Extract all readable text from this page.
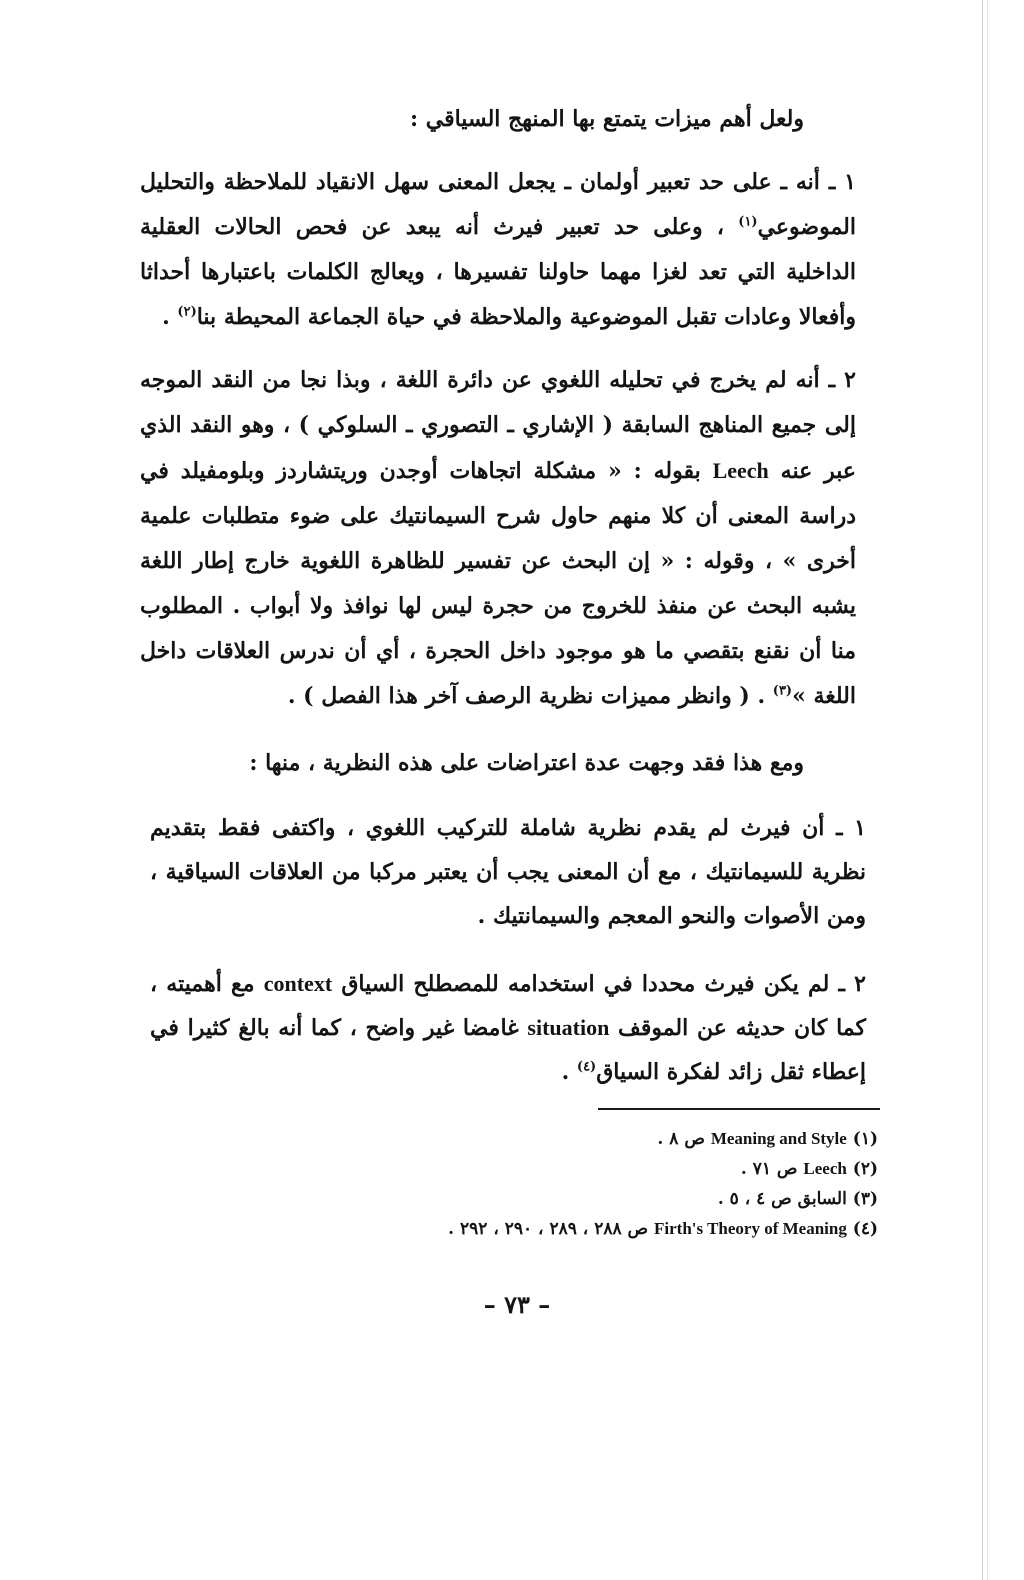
ولعل أهم ميزات يتمتع بها المنهج السياقي :
١ ـ أنه ـ على حد تعبير أولمان ـ يجعل المعنى سهل الانقياد للملاحظة والتحليل الموضوعي$^{(١)}$ ، وعلى حد تعبير فيرث أنه يبعد عن فحص الحالات العقلية الداخلية التي تعد لغزا مهما حاولنا تفسيرها ، ويعالج الكلمات باعتبارها أحداثا وأفعالا وعادات تقبل الموضوعية والملاحظة في حياة الجماعة المحيطة بنا$^{(٢)}$ .
٢ ـ أنه لم يخرج في تحليله اللغوي عن دائرة اللغة ، وبذا نجا من النقد الموجه إلى جميع المناهج السابقة ( الإشاري ـ التصوري ـ السلوكي ) ، وهو النقد الذي عبر عنه Leech بقوله : « مشكلة اتجاهات أوجدن وريتشاردز وبلومفيلد في دراسة المعنى أن كلا منهم حاول شرح السيمانتيك على ضوء متطلبات علمية أخرى » ، وقوله : « إن البحث عن تفسير للظاهرة اللغوية خارج إطار اللغة يشبه البحث عن منفذ للخروج من حجرة ليس لها نوافذ ولا أبواب . المطلوب منا أن نقنع بتقصي ما هو موجود داخل الحجرة ، أي أن ندرس العلاقات داخل اللغة »$^{(٣)}$ . ( وانظر مميزات نظرية الرصف آخر هذا الفصل ) .
ومع هذا فقد وجهت عدة اعتراضات على هذه النظرية ، منها :
١ ـ أن فيرث لم يقدم نظرية شاملة للتركيب اللغوي ، واكتفى فقط بتقديم نظرية للسيمانتيك ، مع أن المعنى يجب أن يعتبر مركبا من العلاقات السياقية ، ومن الأصوات والنحو المعجم والسيمانتيك .
٢ ـ لم يكن فيرث محددا في استخدامه للمصطلح السياق context مع أهميته ، كما كان حديثه عن الموقف situation غامضا غير واضح ، كما أنه بالغ كثيرا في إعطاء ثقل زائد لفكرة السياق$^{(٤)}$ .
(١) Meaning and Style ص ٨ .
(٢) Leech ص ٧١ .
(٣) السابق ص ٤ ، ٥ .
(٤) Firth's Theory of Meaning ص ٢٨٨ ، ٢٨٩ ، ٢٩٠ ، ٢٩٢ .
– ٧٣ –
